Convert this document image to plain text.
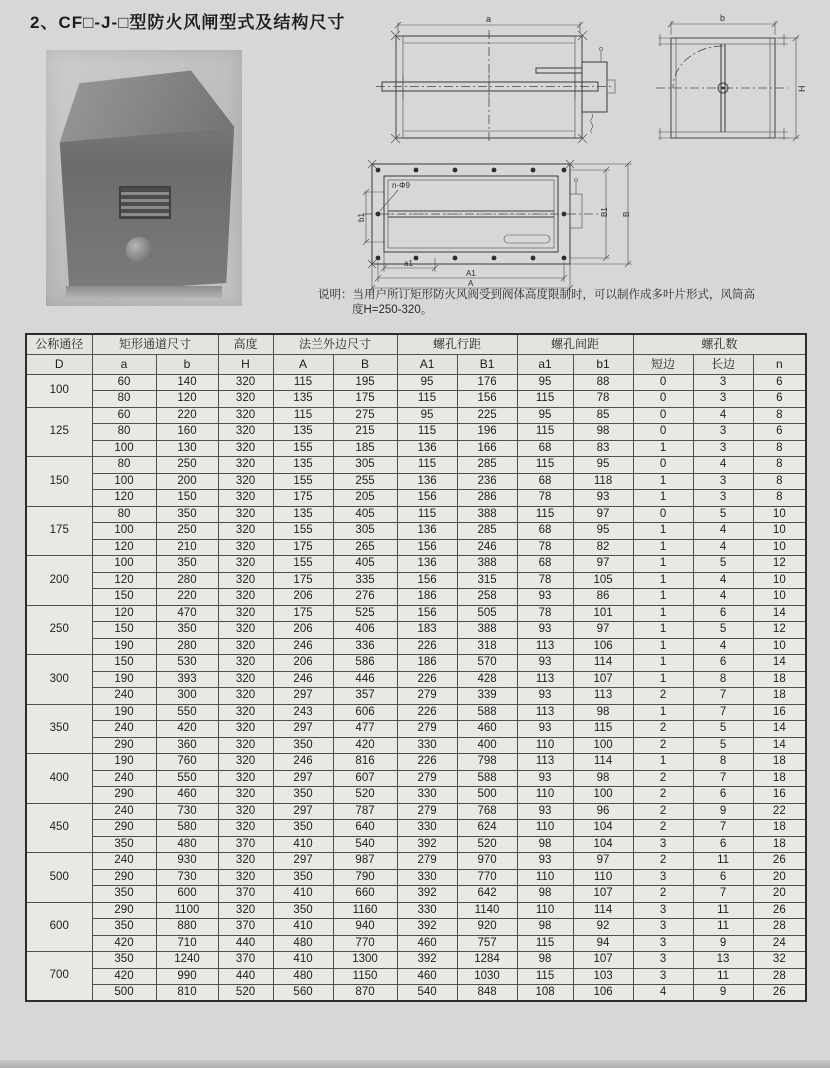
2、CF□-J-□型防火风闸型式及结构尺寸	a	b
H
n-Φ9
b1
a1
A1
A
B1 B
说明：当用户所订矩形防火风阀受到阀体高度限制时，可以制作成多叶片形式，风筒高
度H=250-320。
公称通径	矩形通道尺寸		高度	法兰外边尺寸		螺孔行距		螺孔间距		螺孔数		
D	a	b	H	A	B	A1	B1	a1	b1	短边	长边	n
100	60	140	320	115	195	95	176	95	88	0	3	6
	80	120	320	135	175	115	156	115	78	0	3	6
125	60	220	320	115	275	95	225	95	85	0	4	8
	80	160	320	135	215	115	196	115	98	0	3	6
	100	130	320	155	185	136	166	68	83	1	3	8
150	80	250	320	135	305	115	285	115	95	0	4	8
	100	200	320	155	255	136	236	68	118	1	3	8
	120	150	320	175	205	156	286	78	93	1	3	8
175	80	350	320	135	405	115	388	115	97	0	5	10
	100	250	320	155	305	136	285	68	95	1	4	10
	120	210	320	175	265	156	246	78	82	1	4	10
200	100	350	320	155	405	136	388	68	97	1	5	12
	120	280	320	175	335	156	315	78	105	1	4	10
	150	220	320	206	276	186	258	93	86	1	4	10
250	120	470	320	175	525	156	505	78	101	1	6	14
	150	350	320	206	406	183	388	93	97	1	5	12
	190	280	320	246	336	226	318	113	106	1	4	10
300	150	530	320	206	586	186	570	93	114	1	6	14
	190	393	320	246	446	226	428	113	107	1	8	18
	240	300	320	297	357	279	339	93	113	2	7	18
350	190	550	320	243	606	226	588	113	98	1	7	16
	240	420	320	297	477	279	460	93	115	2	5	14
	290	360	320	350	420	330	400	110	100	2	5	14
400	190	760	320	246	816	226	798	113	114	1	8	18
	240	550	320	297	607	279	588	93	98	2	7	18
	290	460	320	350	520	330	500	110	100	2	6	16
450	240	730	320	297	787	279	768	93	96	2	9	22
	290	580	320	350	640	330	624	110	104	2	7	18
	350	480	370	410	540	392	520	98	104	3	6	18
500	240	930	320	297	987	279	970	93	97	2	11	26
	290	730	320	350	790	330	770	110	110	3	6	20
	350	600	370	410	660	392	642	98	107	2	7	20
600	290	1100	320	350	1160	330	1140	110	114	3	11	26
	350	880	370	410	940	392	920	98	92	3	11	28
	420	710	440	480	770	460	757	115	94	3	9	24
700	350	1240	370	410	1300	392	1284	98	107	3	13	32
	420	990	440	480	1150	460	1030	115	103	3	11	28
	500	810	520	560	870	540	848	108	106	4	9	26
